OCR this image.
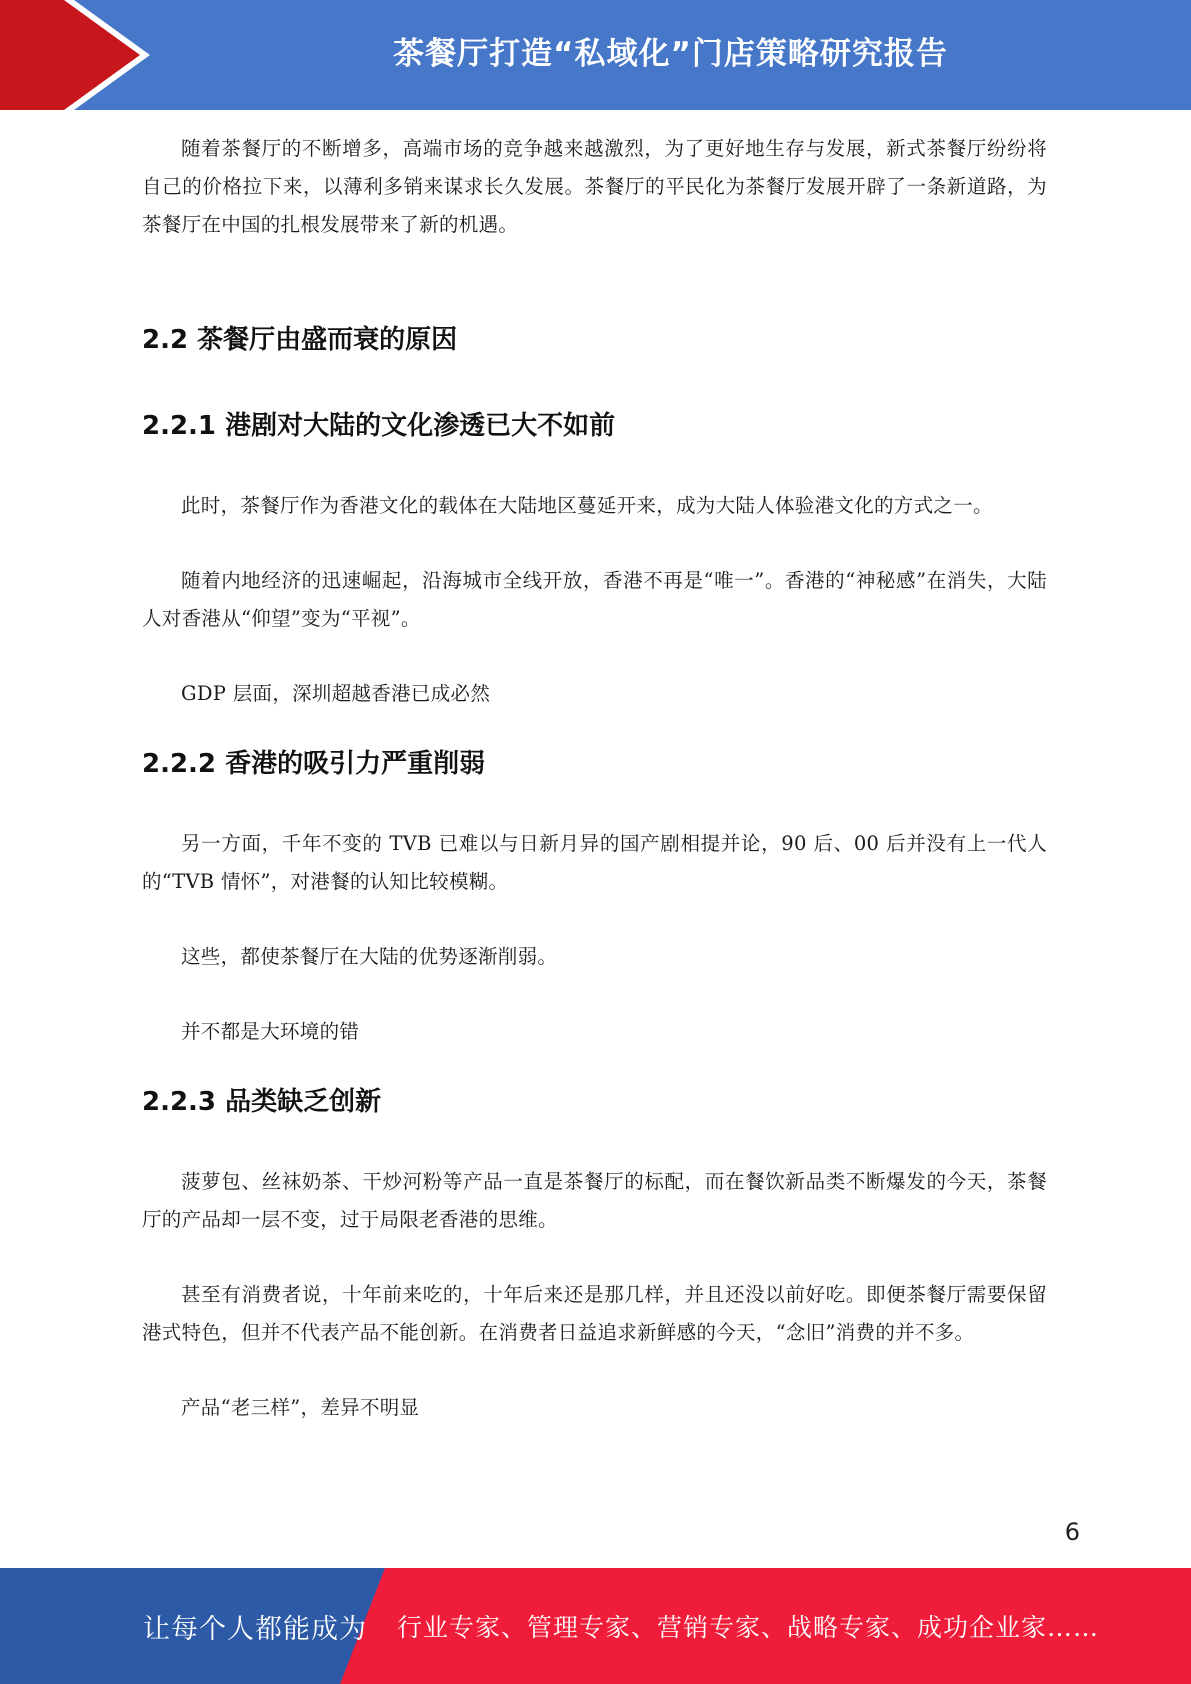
茶餐厅打造“私域化”门店策略研究报告

随着茶餐厅的不断增多，高端市场的竞争越来越激烈，为了更好地生存与发展，新式茶餐厅纷纷将自己的价格拉下来，以薄利多销来谋求长久发展。茶餐厅的平民化为茶餐厅发展开辟了一条新道路，为茶餐厅在中国的扎根发展带来了新的机遇。

2.2 茶餐厅由盛而衰的原因
2.2.1 港剧对大陆的文化渗透已大不如前

此时，茶餐厅作为香港文化的载体在大陆地区蔓延开来，成为大陆人体验港文化的方式之一。

随着内地经济的迅速崛起，沿海城市全线开放，香港不再是“唯一”。香港的“神秘感”在消失，大陆人对香港从“仰望”变为“平视”。

GDP 层面，深圳超越香港已成必然

2.2.2 香港的吸引力严重削弱

另一方面，千年不变的 TVB 已难以与日新月异的国产剧相提并论，90 后、00 后并没有上一代人的“TVB 情怀”，对港餐的认知比较模糊。

这些，都使茶餐厅在大陆的优势逐渐削弱。

并不都是大环境的错

2.2.3 品类缺乏创新

菠萝包、丝袜奶茶、干炒河粉等产品一直是茶餐厅的标配，而在餐饮新品类不断爆发的今天，茶餐厅的产品却一层不变，过于局限老香港的思维。

甚至有消费者说，十年前来吃的，十年后来还是那几样，并且还没以前好吃。即便茶餐厅需要保留港式特色，但并不代表产品不能创新。在消费者日益追求新鲜感的今天，“念旧”消费的并不多。

产品“老三样”，差异不明显

6
让每个人都能成为 行业专家、管理专家、营销专家、战略专家、成功企业家……
